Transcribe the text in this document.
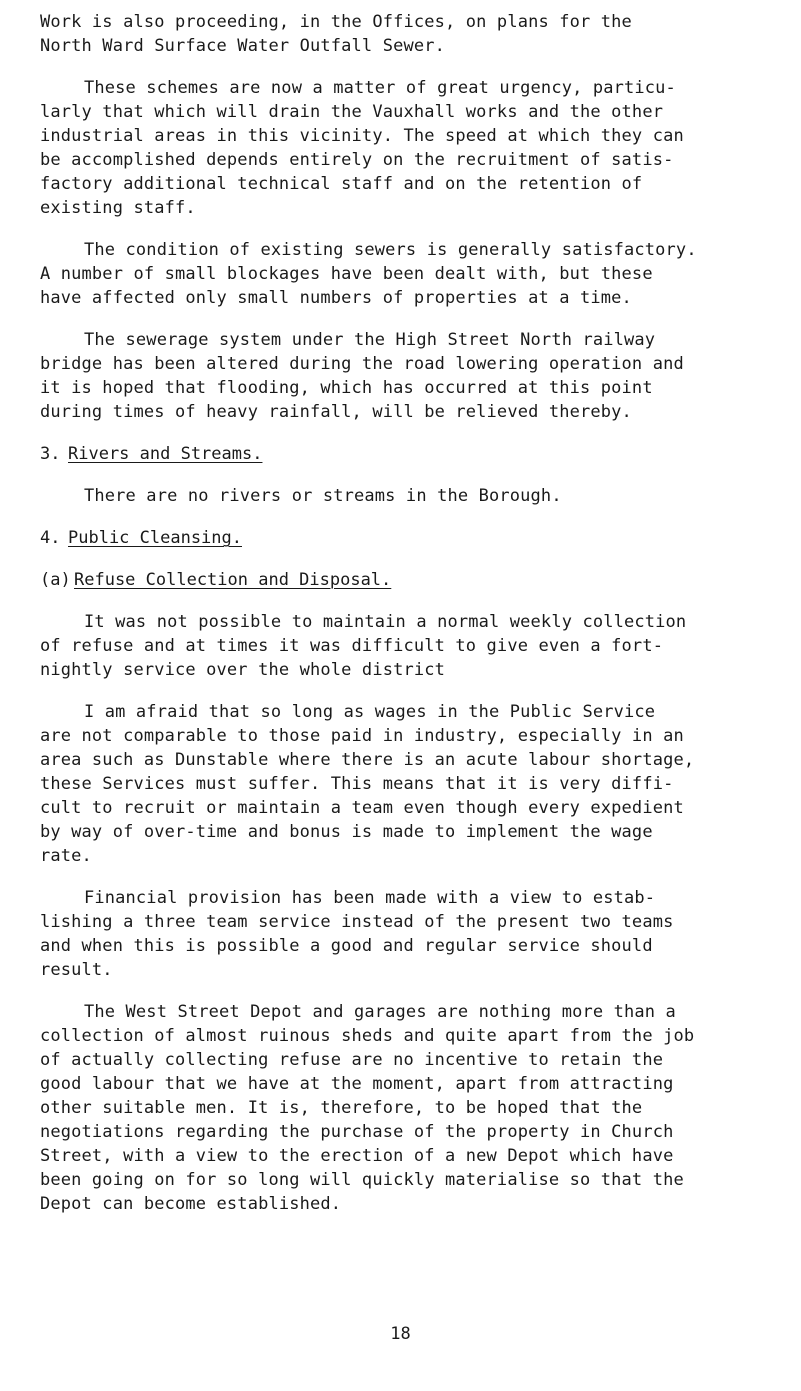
Work is also proceeding, in the Offices, on plans for the
North Ward Surface Water Outfall Sewer.

These schemes are now a matter of great urgency, particu-
larly that which will drain the Vauxhall works and the other
industrial areas in this vicinity. The speed at which they can
be accomplished depends entirely on the recruitment of satis-
factory additional technical staff and on the retention of
existing staff.

The condition of existing sewers is generally satisfactory.
A number of small blockages have been dealt with, but these
have affected only small numbers of properties at a time.

The sewerage system under the High Street North railway
bridge has been altered during the road lowering operation and
it is hoped that flooding, which has occurred at this point
during times of heavy rainfall, will be relieved thereby.

3. Rivers and Streams.

There are no rivers or streams in the Borough.

4. Public Cleansing.
(a) Refuse Collection and Disposal.

It was not possible to maintain a normal weekly collection
of refuse and at times it was difficult to give even a fort-
nightly service over the whole district

I am afraid that so long as wages in the Public Service
are not comparable to those paid in industry, especially in an
area such as Dunstable where there is an acute labour shortage,
these Services must suffer. This means that it is very diffi-
cult to recruit or maintain a team even though every expedient
by way of over-time and bonus is made to implement the wage
rate.

Financial provision has been made with a view to estab-
lishing a three team service instead of the present two teams
and when this is possible a good and regular service should
result.

The West Street Depot and garages are nothing more than a
collection of almost ruinous sheds and quite apart from the job
of actually collecting refuse are no incentive to retain the
good labour that we have at the moment, apart from attracting
other suitable men. It is, therefore, to be hoped that the
negotiations regarding the purchase of the property in Church
Street, with a view to the erection of a new Depot which have
been going on for so long will quickly materialise so that the
Depot can become established.

18
